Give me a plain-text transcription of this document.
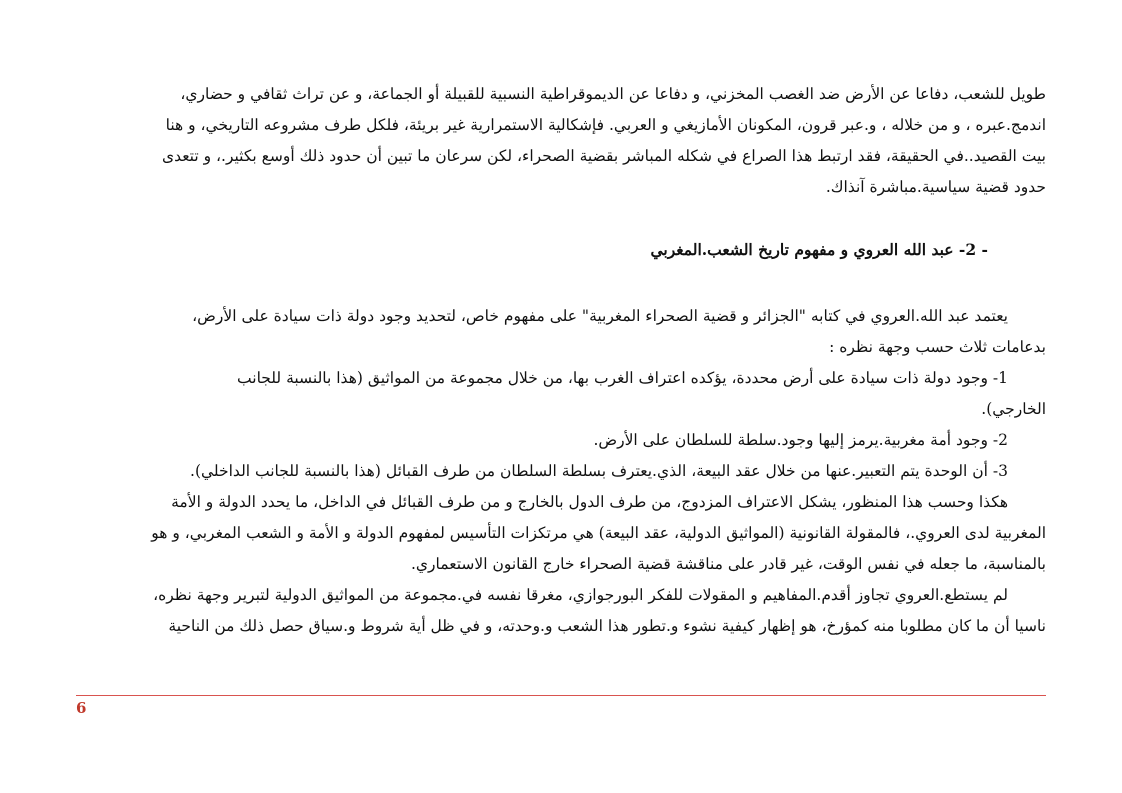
طويل للشعب، دفاعا عن الأرض ضد الغصب المخزني، و دفاعا عن الديموقراطية النسبية للقبيلة أو الجماعة، و عن تراث ثقافي و حضاري،
اندمج.عبره ، و من خلاله ، و.عبر قرون، المكونان الأمازيغي و العربي. فإشكالية الاستمرارية غير بريئة، فلكل طرف مشروعه التاريخي، و هنا
بيت القصيد..في الحقيقة، فقد ارتبط هذا الصراع في شكله المباشر بقضية الصحراء، لكن سرعان ما تبين أن حدود ذلك أوسع بكثير.، و تتعدى
حدود قضية سياسية.مباشرة آنذاك.
- 2- عبد الله العروي و مفهوم تاريخ الشعب.المغربي
يعتمد عبد الله.العروي في كتابه "الجزائر و قضية الصحراء المغربية" على مفهوم خاص، لتحديد وجود دولة ذات سيادة على الأرض،
بدعامات ثلاث حسب وجهة نظره :
1- وجود دولة ذات سيادة على أرض محددة، يؤكده اعتراف الغرب بها، من خلال مجموعة من المواثيق (هذا بالنسبة للجانب
الخارجي).
2- وجود أمة مغربية.يرمز إليها وجود.سلطة للسلطان على الأرض.
3- أن الوحدة يتم التعبير.عنها من خلال عقد البيعة، الذي.يعترف بسلطة السلطان من طرف القبائل (هذا بالنسبة للجانب الداخلي).
هكذا وحسب هذا المنظور، يشكل الاعتراف المزدوج، من طرف الدول بالخارج و من طرف القبائل في الداخل، ما يحدد الدولة و الأمة
المغربية لدى العروي.، فالمقولة القانونية (المواثيق الدولية، عقد البيعة) هي مرتكزات التأسيس لمفهوم الدولة و الأمة و الشعب المغربي، و هو
بالمناسبة، ما جعله في نفس الوقت، غير قادر على مناقشة قضية الصحراء خارج القانون الاستعماري.
لم يستطع.العروي تجاوز أقدم.المفاهيم و المقولات للفكر البورجوازي، مغرقا نفسه في.مجموعة من المواثيق الدولية لتبرير وجهة نظره،
ناسيا أن ما كان مطلوبا منه كمؤرخ، هو إظهار كيفية نشوء و.تطور هذا الشعب و.وحدته، و في ظل أية شروط و.سياق حصل ذلك من الناحية
6
